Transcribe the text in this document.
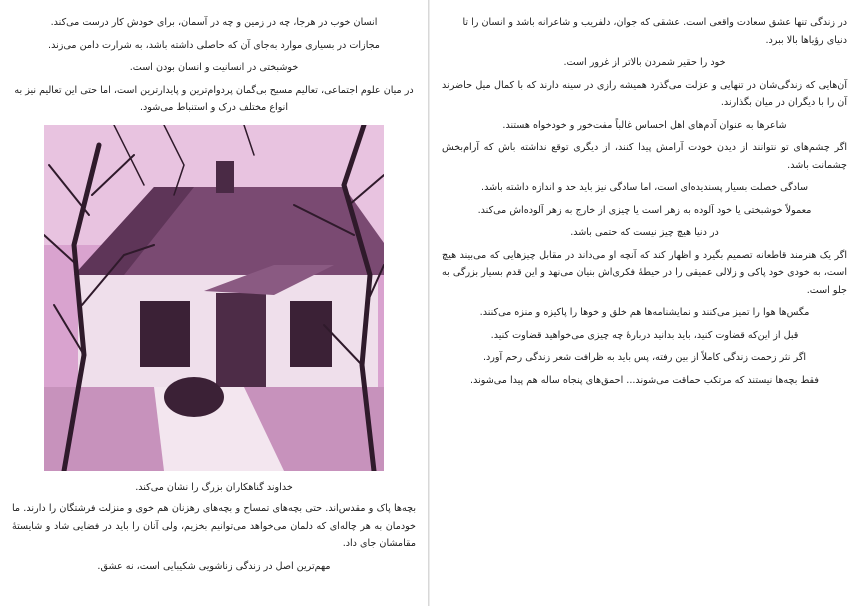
انسان خوب در هرجا، چه در زمین و چه در آسمان، برای خودش کار درست می‌کند.

مجازات در بسیاری موارد به‌جای آن که حاصلی داشته باشد، به شرارت دامن می‌زند.

خوشبختی در انسانیت و انسان بودن است.

در میان علوم اجتماعی، تعالیم مسیح بی‌گمان پردوام‌ترین و پایدارترین است، اما حتی این تعالیم نیز به انواع مختلف درک و استنباط می‌شود.

خداوند گناهکاران بزرگ را نشان می‌کند.

بچه‌ها پاک و مقدس‌اند. حتی بچه‌های تمساح و بچه‌های رهزنان هم خوی و منزلت فرشتگان را دارند. ما خودمان به هر چاله‌ای که دلمان می‌خواهد می‌توانیم بخزیم، ولی آنان را باید در فضایی شاد و شایستهٔ مقامشان جای داد.

مهم‌ترین اصل در زندگی زناشویی شکیبایی است، نه عشق.

در زندگی تنها عشق سعادت واقعی است. عشقی که جوان، دلفریب و شاعرانه باشد و انسان را تا دنیای رؤیاها بالا ببرد.

خود را حقیر شمردن بالاتر از غرور است.

آن‌هایی که زندگی‌شان در تنهایی و عزلت می‌گذرد همیشه رازی در سینه دارند که با کمال میل حاضرند آن را با دیگران در میان بگذارند.

شاعرها به عنوان آدم‌های اهل احساس غالباً مفت‌خور و خودخواه هستند.

اگر چشم‌های تو نتوانند از دیدن خودت آرامش پیدا کنند، از دیگری توقع نداشته باش که آرام‌بخش چشمانت باشد.

سادگی خصلت بسیار پسندیده‌ای است، اما سادگی نیز باید حد و اندازه داشته باشد.

معمولاً خوشبختی یا خود آلوده به زهر است یا چیزی از خارج به زهر آلوده‌اش می‌کند.

در دنیا هیچ چیز نیست که حتمی باشد.

اگر یک هنرمند قاطعانه تصمیم بگیرد و اظهار کند که آنچه او می‌داند در مقابل چیزهایی که می‌بیند هیچ است، به خودی خود پاکی و زلالی عمیقی را در حیطهٔ فکری‌اش بنیان می‌نهد و این قدم بسیار بزرگی به جلو است.

مگس‌ها هوا را تمیز می‌کنند و نمایشنامه‌ها هم خلق و خوها را پاکیزه و منزه می‌کنند.

قبل از این‌که قضاوت کنید، باید بدانید دربارهٔ چه چیزی می‌خواهید قضاوت کنید.

اگر نثر زحمت زندگی کاملاً از بین رفته، پس باید به ظرافت شعر زندگی رحم آورد.

فقط بچه‌ها نیستند که مرتکب حماقت می‌شوند... احمق‌های پنجاه ساله هم پیدا می‌شوند.
